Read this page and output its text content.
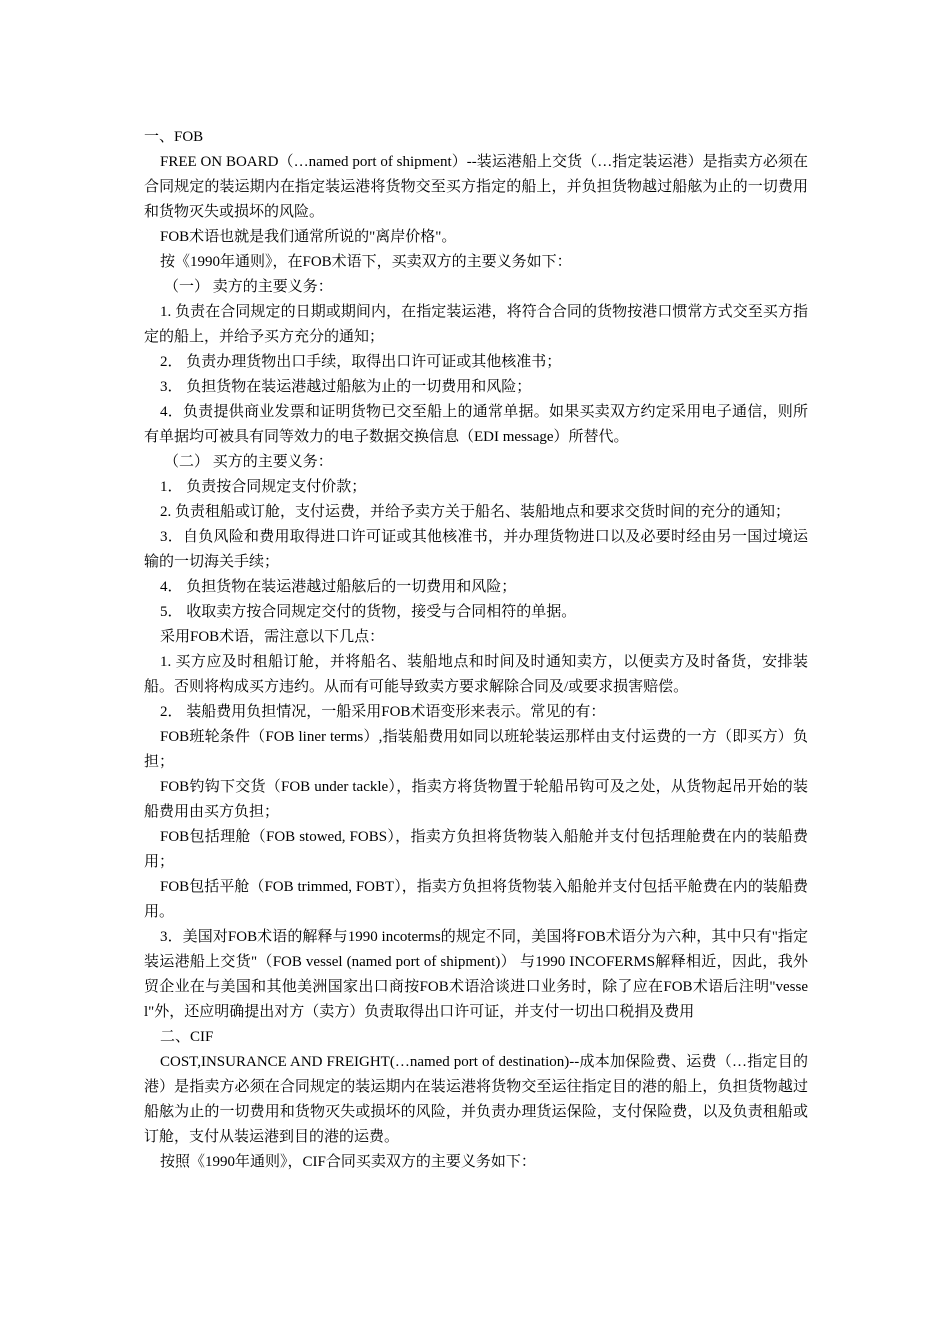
一、FOB

FREE ON BOARD（…named port of shipment）--装运港船上交货（…指定装运港）是指卖方必须在合同规定的装运期内在指定装运港将货物交至买方指定的船上，并负担货物越过船舷为止的一切费用和货物灭失或损坏的风险。

FOB术语也就是我们通常所说的"离岸价格"。

按《1990年通则》，在FOB术语下，买卖双方的主要义务如下：

（一） 卖方的主要义务：

1. 负责在合同规定的日期或期间内，在指定装运港，将符合合同的货物按港口惯常方式交至买方指定的船上，并给予买方充分的通知；

2． 负责办理货物出口手续，取得出口许可证或其他核准书；

3． 负担货物在装运港越过船舷为止的一切费用和风险；

4．负责提供商业发票和证明货物已交至船上的通常单据。如果买卖双方约定采用电子通信，则所有单据均可被具有同等效力的电子数据交换信息（EDI message）所替代。

（二） 买方的主要义务：

1． 负责按合同规定支付价款；

2. 负责租船或订舱，支付运费，并给予卖方关于船名、装船地点和要求交货时间的充分的通知；

3．自负风险和费用取得进口许可证或其他核准书，并办理货物进口以及必要时经由另一国过境运输的一切海关手续；

4． 负担货物在装运港越过船舷后的一切费用和风险；

5． 收取卖方按合同规定交付的货物，接受与合同相符的单据。

采用FOB术语，需注意以下几点：

1. 买方应及时租船订舱，并将船名、装船地点和时间及时通知卖方，以便卖方及时备货，安排装船。否则将构成买方违约。从而有可能导致卖方要求解除合同及/或要求损害赔偿。

2． 装船费用负担情况，一船采用FOB术语变形来表示。常见的有：

FOB班轮条件（FOB liner terms）,指装船费用如同以班轮装运那样由支付运费的一方（即买方）负担；

FOB钓钩下交货（FOB under tackle），指卖方将货物置于轮船吊钩可及之处，从货物起吊开始的装船费用由买方负担；

FOB包括理舱（FOB stowed, FOBS），指卖方负担将货物装入船舱并支付包括理舱费在内的装船费用；

FOB包括平舱（FOB trimmed, FOBT），指卖方负担将货物装入船舱并支付包括平舱费在内的装船费用。

3．美国对FOB术语的解释与1990 incoterms的规定不同，美国将FOB术语分为六种，其中只有"指定装运港船上交货"（FOB vessel (named port of shipment)） 与1990 INCOFERMS解释相近，因此，我外贸企业在与美国和其他美洲国家出口商按FOB术语洽谈进口业务时，除了应在FOB术语后注明"vessel"外，还应明确提出对方（卖方）负责取得出口许可证，并支付一切出口税捐及费用

二、CIF

COST,INSURANCE AND FREIGHT(…named port of destination)--成本加保险费、运费（…指定目的港）是指卖方必须在合同规定的装运期内在装运港将货物交至运往指定目的港的船上，负担货物越过船舷为止的一切费用和货物灭失或损坏的风险，并负责办理货运保险，支付保险费，以及负责租船或订舱，支付从装运港到目的港的运费。

按照《1990年通则》，CIF合同买卖双方的主要义务如下：
